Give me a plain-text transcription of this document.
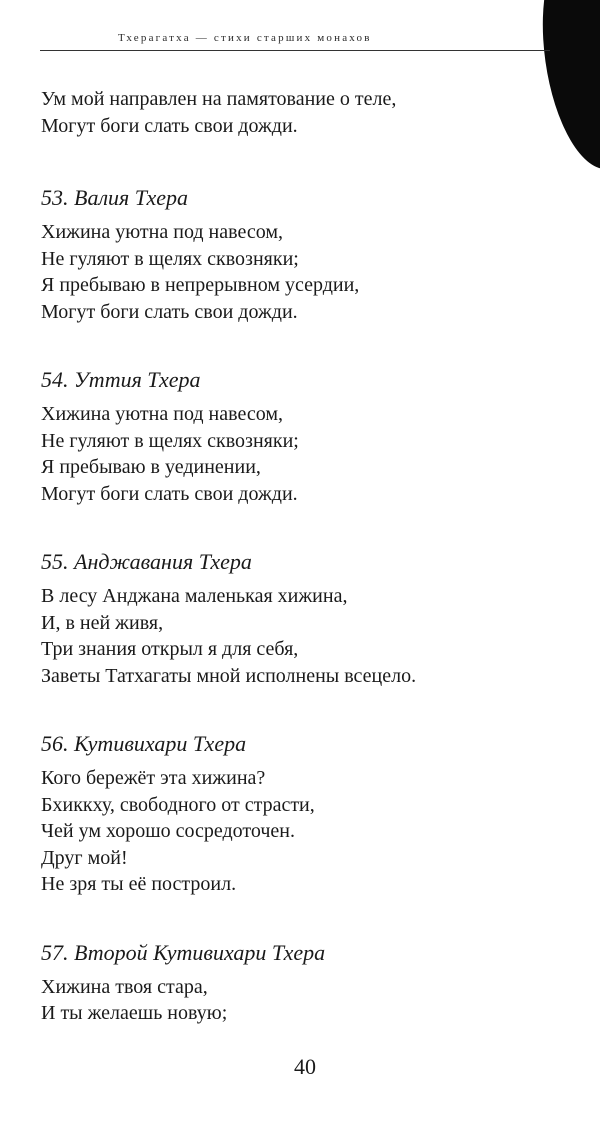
Тхерагатха — стихи старших монахов
Ум мой направлен на памятование о теле,
Могут боги слать свои дожди.
53. Валия Тхера
Хижина уютна под навесом,
Не гуляют в щелях сквозняки;
Я пребываю в непрерывном усердии,
Могут боги слать свои дожди.
54. Уттия Тхера
Хижина уютна под навесом,
Не гуляют в щелях сквозняки;
Я пребываю в уединении,
Могут боги слать свои дожди.
55. Анджавания Тхера
В лесу Анджана маленькая хижина,
И, в ней живя,
Три знания открыл я для себя,
Заветы Татхагаты мной исполнены всецело.
56. Кутивихари Тхера
Кого бережёт эта хижина?
Бхиккху, свободного от страсти,
Чей ум хорошо сосредоточен.
Друг мой!
Не зря ты её построил.
57. Второй Кутивихари Тхера
Хижина твоя стара,
И ты желаешь новую;
40
